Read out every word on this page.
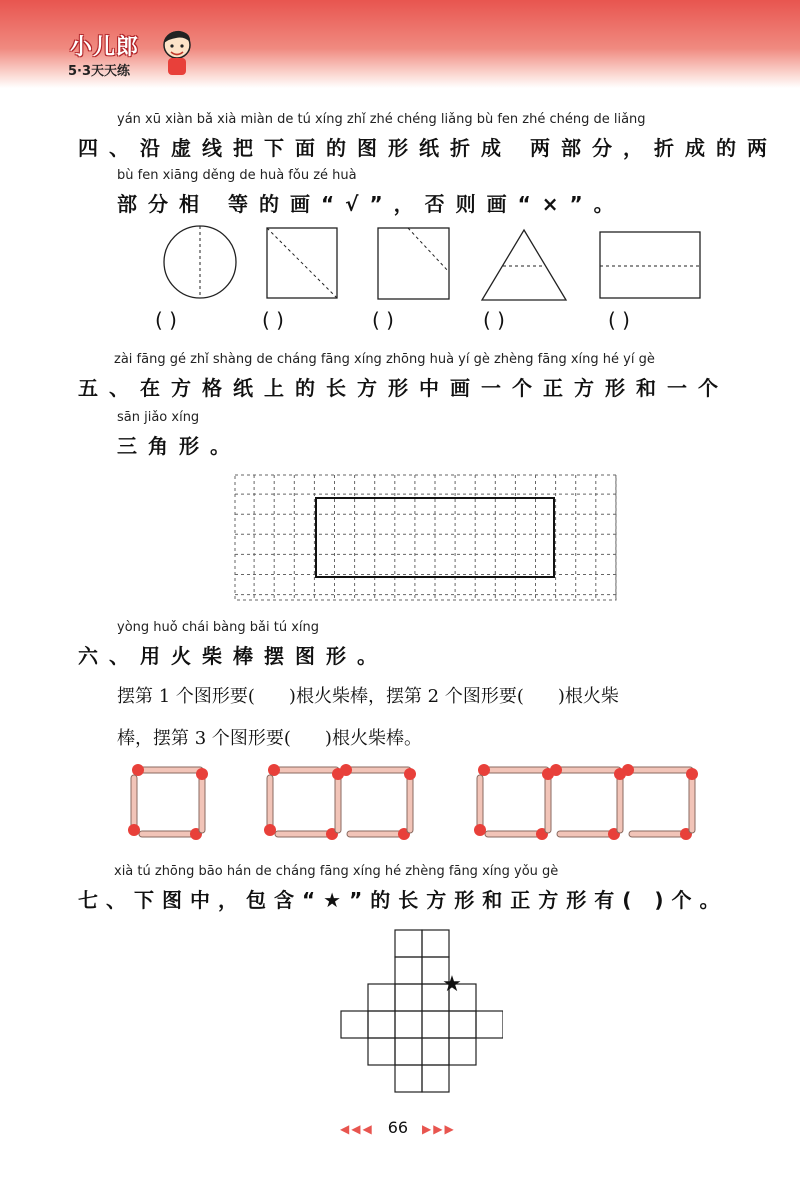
小儿郎
5·3天天练
yán xū xiàn bǎ xià miàn de tú xíng zhǐ zhé chéng liǎng bù fen zhé chéng de liǎng
四、沿虚线把下面的图形纸折成 两部分，折成的两
bù fen xiāng děng de huà fǒu zé huà
部分相 等的画“√”，否则画“×”。
( )	( )	( )	( )	( )
zài fāng gé zhǐ shàng de cháng fāng xíng zhōng huà yí gè zhèng fāng xíng hé yí gè
五、在方格纸上的长方形中画一个正方形和一个
sān jiǎo xíng
三角形。
yòng huǒ chái bàng bǎi tú xíng
六、用火柴棒摆图形。
摆第 1 个图形要( )根火柴棒，摆第 2 个图形要( )根火柴
棒，摆第 3 个图形要( )根火柴棒。
xià tú zhōng bāo hán de cháng fāng xíng hé zhèng fāng xíng yǒu gè
七、下图中，包含“★”的长方形和正方形有( )个。
★
◀◀◀ 66 ▶▶▶
